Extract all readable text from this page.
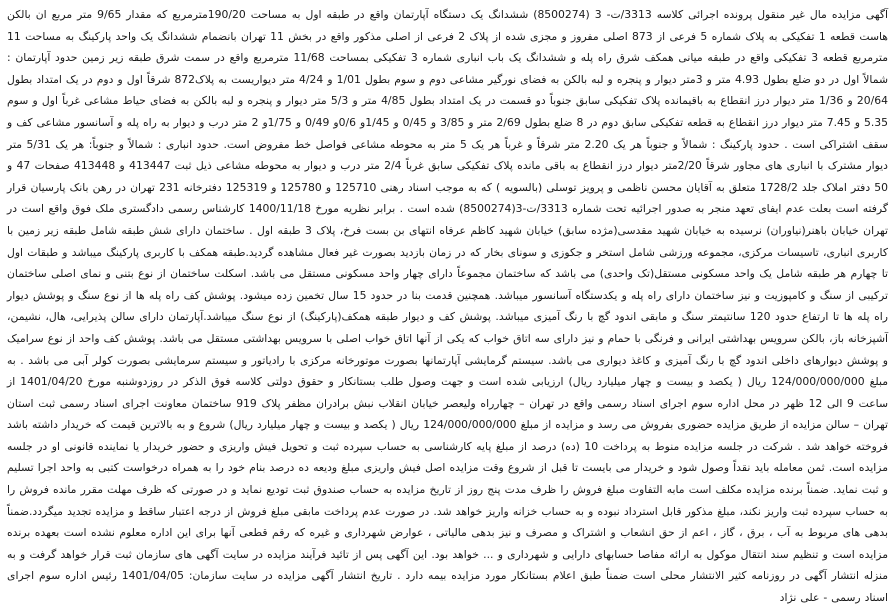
آگهی مزایده مال غیر منقول پرونده اجرائی کلاسه 3313/ت- 3 (8500274) ششدانگ یک دستگاه آپارتمان واقع در طبقه اول به مساحت 190/20مترمربع که مقدار 9/65 متر مربع ان بالکن هاست قطعه 1 تفکیکی به پلاک شماره 5 فرعی از 873 اصلی مفروز و مجزی شده از پلاک 2 فرعی از اصلی مذکور واقع در بخش 11 تهران بانضمام ششدانگ یک واحد پارکینگ به مساحت 11 مترمربع قطعه 3 تفکیکی واقع در طبقه میانی همکف شرق راه پله و ششدانگ یک باب انباری شماره 3 تفکیکی بمساحت 11/68 مترمربع واقع در سمت شرق طبقه زیر زمین حدود آپارتمان : شمالاً اول در دو ضلع بطول 4.93 متر و 3متر دیوار و پنجره و لبه بالکن به فضای نورگیر مشاعی دوم و سوم بطول 1/01 و 4/24 متر دیواریست به پلاک872 شرقاً اول و دوم در یک امتداد بطول 20/64 و 1/36 متر دیوار درز انقطاع به باقیمانده پلاک تفکیکی سابق جنوباً دو قسمت در یک امتداد بطول 4/85 متر و 5/3 متر دیوار و پنجره و لبه بالکن به فضای حیاط مشاعی غرباً اول و سوم 5.35 و 7.45 متر دیوار درز انقطاع به قطعه تفکیکی سابق دوم در 8 ضلع بطول 2/69 متر و 3/85 و 0/45 و 1/45و 0/6و 0/49 و 1/75و 2 متر درب و دیوار به راه پله و آسانسور مشاعی کف و سقف اشتراکی است . حدود پارکینگ : شمالاً و جنوباً هر یک 2.20 متر شرقاً و غرباً هر یک 5 متر به محوطه مشاعی فواصل خط مفروض است. حدود انباری : شمالاً و جنوباً: هر یک 5/31 متر دیوار مشترک با انباری های مجاور شرقاً 2/20متر دیوار درز انقطاع به باقی مانده پلاک تفکیکی سابق غرباً 2/4 متر درب و دیوار به محوطه مشاعی ذیل ثبت 413447 و 413448 صفحات 47 و 50 دفتر املاک جلد 1728/2 متعلق به آقایان محسن ناظمی و پرویز توسلی (بالسویه ) که به موجب اسناد رهنی 125710 و 125780 و 125319 دفترخانه 231 تهران در رهن بانک پارسیان قرار گرفته است بعلت عدم ایفای تعهد منجر به صدور اجرائیه تحت شماره 3313/ت-3(8500274) شده است . برابر نظریه مورخ 1400/11/18 کارشناس رسمی دادگستری ملک فوق واقع است در تهران خیابان باهنر(نیاوران) نرسیده به خیابان شهید مقدسی(مژده سابق) خیابان شهید کاظم عرفاه انتهای بن بست فرخ، پلاک 3 طبقه اول . ساختمان دارای شش طبقه شامل طبقه زیر زمین با کاربری انباری، تاسیسات مرکزی، مجموعه ورزشی شامل استخر و جکوزی و سونای بخار که در زمان بازدید بصورت غیر فعال مشاهده گردید.طبقه همکف با کاربری پارکینگ میباشد و طبقات اول تا چهارم هر طبقه شامل یک واحد مسکونی مستقل(تک واحدی) می باشد که ساختمان مجموعاً دارای چهار واحد مسکونی مستقل می باشد. اسکلت ساختمان از نوع بتنی و نمای اصلی ساختمان ترکیبی از سنگ و کامپوزیت و نیز ساختمان دارای راه پله و یکدستگاه آسانسور میباشد. همچنین قدمت بنا در حدود 15 سال تخمین زده میشود. پوشش کف راه پله ها از نوع سنگ و پوشش دیوار راه پله ها تا ارتفاع حدود 120 سانتیمتر سنگ و مابقی اندود گچ با رنگ آمیزی میباشد. پوشش کف و دیوار طبقه همکف(پارکینگ) از نوع سنگ میباشد.آپارتمان دارای سالن پذیرایی، هال، نشیمن، آشپزخانه باز، بالکن سرویس بهداشتی ایرانی و فرنگی با حمام و نیز دارای سه اتاق خواب که یکی از آنها اتاق خواب اصلی با سرویس بهداشتی مستقل می باشد. پوشش کف واحد از نوع سرامیک و پوشش دیوارهای داخلی اندود گچ با رنگ آمیزی و کاغذ دیواری می باشد. سیستم گرمایشی آپارتمانها بصورت موتورخانه مرکزی با رادیاتور و سیستم سرمایشی بصورت کولر آبی می باشد . به مبلغ 124/000/000/000 ریال ( یکصد و بیست و چهار میلیارد ریال) ارزیابی شده است و جهت وصول طلب بستانکار و حقوق دولتی کلاسه فوق الذکر در روزدوشنبه مورخ 1401/04/20 از ساعت 9 الی 12 ظهر در محل اداره سوم اجرای اسناد رسمی واقع در تهران – چهارراه ولیعصر خیابان انقلاب نبش برادران مظفر پلاک 919 ساختمان معاونت اجرای اسناد رسمی ثبت استان تهران – سالن مزایده از طریق مزایده حضوری بفروش می رسد و مزایده از مبلغ 124/000/000/000 ریال ( یکصد و بیست و چهار میلیارد ریال) شروع و به بالاترین قیمت که خریدار داشته باشد فروخته خواهد شد . شرکت در جلسه مزایده منوط به پرداخت 10 (ده) درصد از مبلغ پایه کارشناسی به حساب سپرده ثبت و تحویل فیش واریزی و حضور خریدار یا نماینده قانونی او در جلسه مزایده است. ثمن معامله باید نقداً وصول شود و خریدار می بایست تا قبل از شروع وقت مزایده اصل فیش واریزی مبلغ ودیعه ده درصد بنام خود را به همراه درخواست کتبی به واحد اجرا تسلیم و ثبت نماید. ضمناً برنده مزایده مکلف است مابه التفاوت مبلغ فروش را ظرف مدت پنج روز از تاریخ مزایده به حساب صندوق ثبت تودیع نماید و در صورتی که ظرف مهلت مقرر مانده فروش را به حساب سپرده ثبت واریز نکند، مبلغ مذکور قابل استرداد نبوده و به حساب خزانه واریز خواهد شد. در صورت عدم پرداخت مابقی مبلغ فروش از درجه اعتبار ساقط و مزایده تجدید میگردد.ضمناً بدهی های مربوط به آب ، برق ، گاز ، اعم از حق انشعاب و اشتراک و مصرف و نیز بدهی مالیاتی ، عوارض شهرداری و غیره که رقم قطعی آنها برای این اداره معلوم نشده است بعهده برنده مزایده است و تنظیم سند انتقال موکول به ارائه مفاصا حسابهای دارایی و شهرداری و ... خواهد بود. این آگهی پس از تائید فرآیند مزایده در سایت آگهی های سازمان ثبت قرار خواهد گرفت و به منزله انتشار آگهی در روزنامه کثیر الانتشار محلی است ضمناً طبق اعلام بستانکار مورد مزایده بیمه دارد . تاریخ انتشار آگهی مزایده در سایت سازمان: 1401/04/05 رئیس اداره سوم اجرای اسناد رسمی - علی نژاد
